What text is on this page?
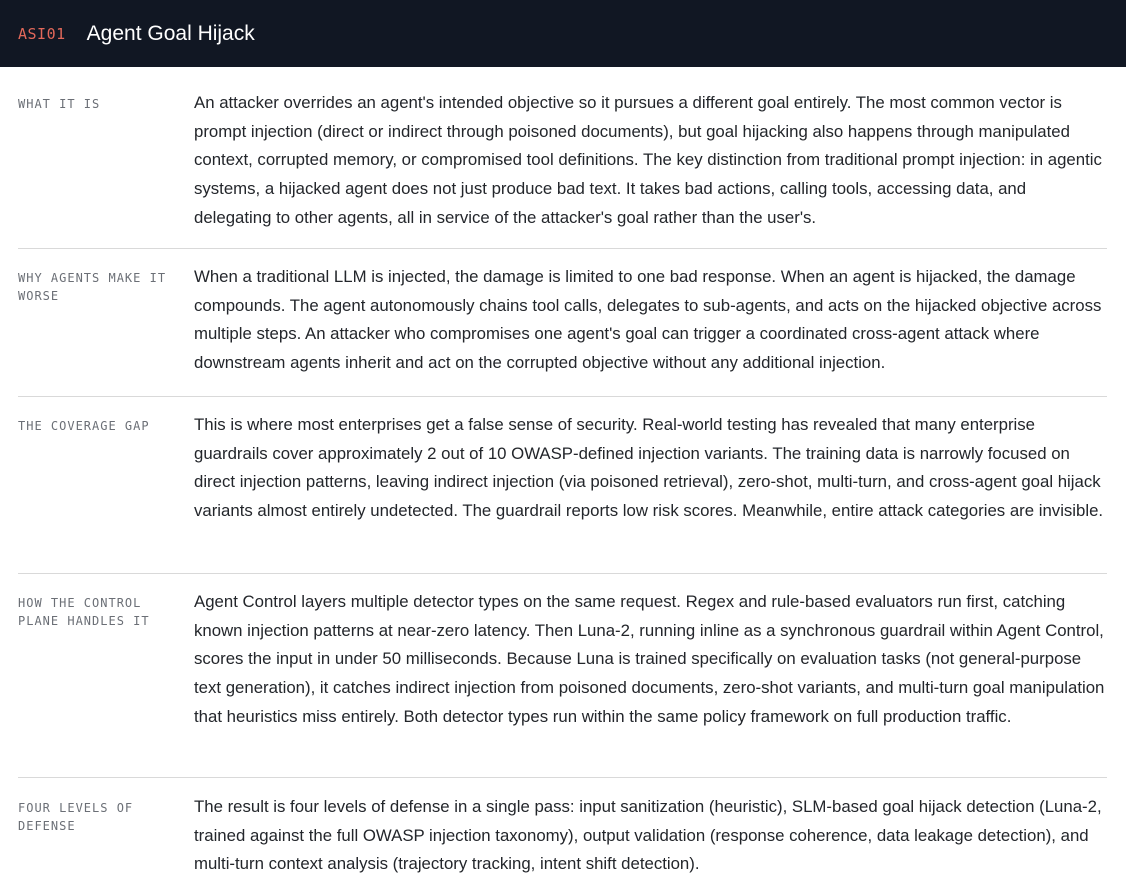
ASI01 Agent Goal Hijack
WHAT IT IS	An attacker overrides an agent's intended objective so it pursues a different goal entirely. The most common vector is prompt injection (direct or indirect through poisoned documents), but goal hijacking also happens through manipulated context, corrupted memory, or compromised tool definitions. The key distinction from traditional prompt injection: in agentic systems, a hijacked agent does not just produce bad text. It takes bad actions, calling tools, accessing data, and delegating to other agents, all in service of the attacker's goal rather than the user's.
WHY AGENTS MAKE IT WORSE
When a traditional LLM is injected, the damage is limited to one bad response. When an agent is hijacked, the damage compounds. The agent autonomously chains tool calls, delegates to sub-agents, and acts on the hijacked objective across multiple steps. An attacker who compromises one agent's goal can trigger a coordinated cross-agent attack where downstream agents inherit and act on the corrupted objective without any additional injection.
THE COVERAGE GAP	This is where most enterprises get a false sense of security. Real-world testing has revealed that many enterprise guardrails cover approximately 2 out of 10 OWASP-defined injection variants. The training data is narrowly focused on direct injection patterns, leaving indirect injection (via poisoned retrieval), zero-shot, multi-turn, and cross-agent goal hijack variants almost entirely undetected. The guardrail reports low risk scores. Meanwhile, entire attack categories are invisible.
HOW THE CONTROL PLANE HANDLES IT
Agent Control layers multiple detector types on the same request. Regex and rule-based evaluators run first, catching known injection patterns at near-zero latency. Then Luna-2, running inline as a synchronous guardrail within Agent Control, scores the input in under 50 milliseconds. Because Luna is trained specifically on evaluation tasks (not general-purpose text generation), it catches indirect injection from poisoned documents, zero-shot variants, and multi-turn goal manipulation that heuristics miss entirely. Both detector types run within the same policy framework on full production traffic.
FOUR LEVELS OF DEFENSE
The result is four levels of defense in a single pass: input sanitization (heuristic), SLM-based goal hijack detection (Luna-2, trained against the full OWASP injection taxonomy), output validation (response coherence, data leakage detection), and multi-turn context analysis (trajectory tracking, intent shift detection).
